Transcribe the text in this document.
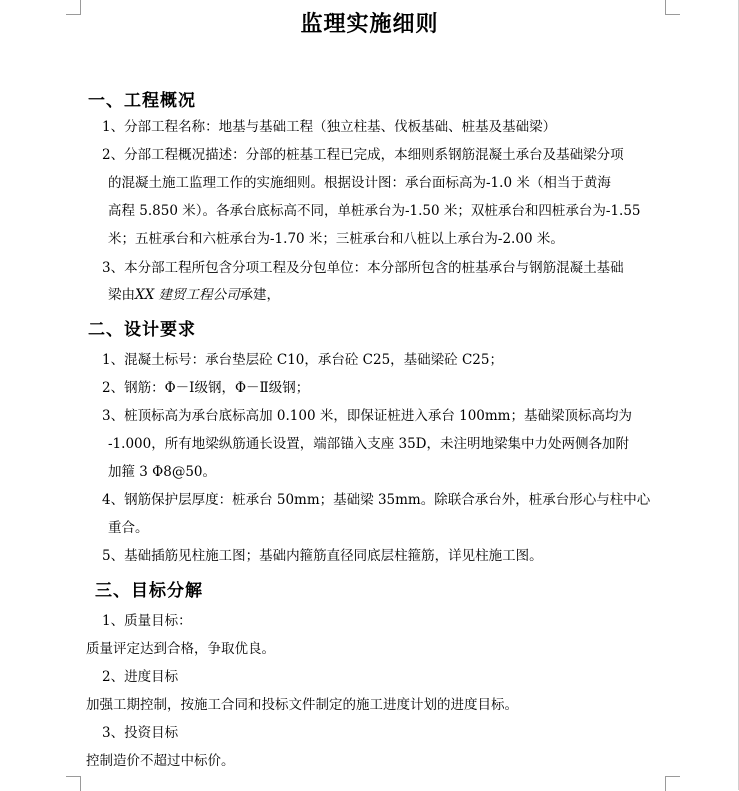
监理实施细则
一、工程概况
1、分部工程名称：地基与基础工程（独立柱基、伐板基础、桩基及基础梁）
2、分部工程概况描述：分部的桩基工程已完成，本细则系钢筋混凝土承台及基础梁分项
的混凝土施工监理工作的实施细则。根据设计图：承台面标高为-1.0 米（相当于黄海
高程 5.850 米）。各承台底标高不同，单桩承台为-1.50 米；双桩承台和四桩承台为-1.55
米；五桩承台和六桩承台为-1.70 米；三桩承台和八桩以上承台为-2.00 米。
3、本分部工程所包含分项工程及分包单位：本分部所包含的桩基承台与钢筋混凝土基础
梁由XX 建贸工程公司承建，
二、设计要求
1、混凝土标号：承台垫层砼 C10，承台砼 C25，基础梁砼 C25；
2、钢筋：Φ－Ⅰ级钢，Φ－Ⅱ级钢；
3、桩顶标高为承台底标高加 0.100 米，即保证桩进入承台 100mm；基础梁顶标高均为
-1.000，所有地梁纵筋通长设置，端部锚入支座 35D，未注明地梁集中力处两侧各加附
加箍 3 Φ8@50。
4、钢筋保护层厚度：桩承台 50mm；基础梁 35mm。除联合承台外，桩承台形心与柱中心
重合。
5、基础插筋见柱施工图；基础内箍筋直径同底层柱箍筋，详见柱施工图。
三、目标分解
1、质量目标：
质量评定达到合格，争取优良。
2、进度目标
加强工期控制，按施工合同和投标文件制定的施工进度计划的进度目标。
3、投资目标
控制造价不超过中标价。
